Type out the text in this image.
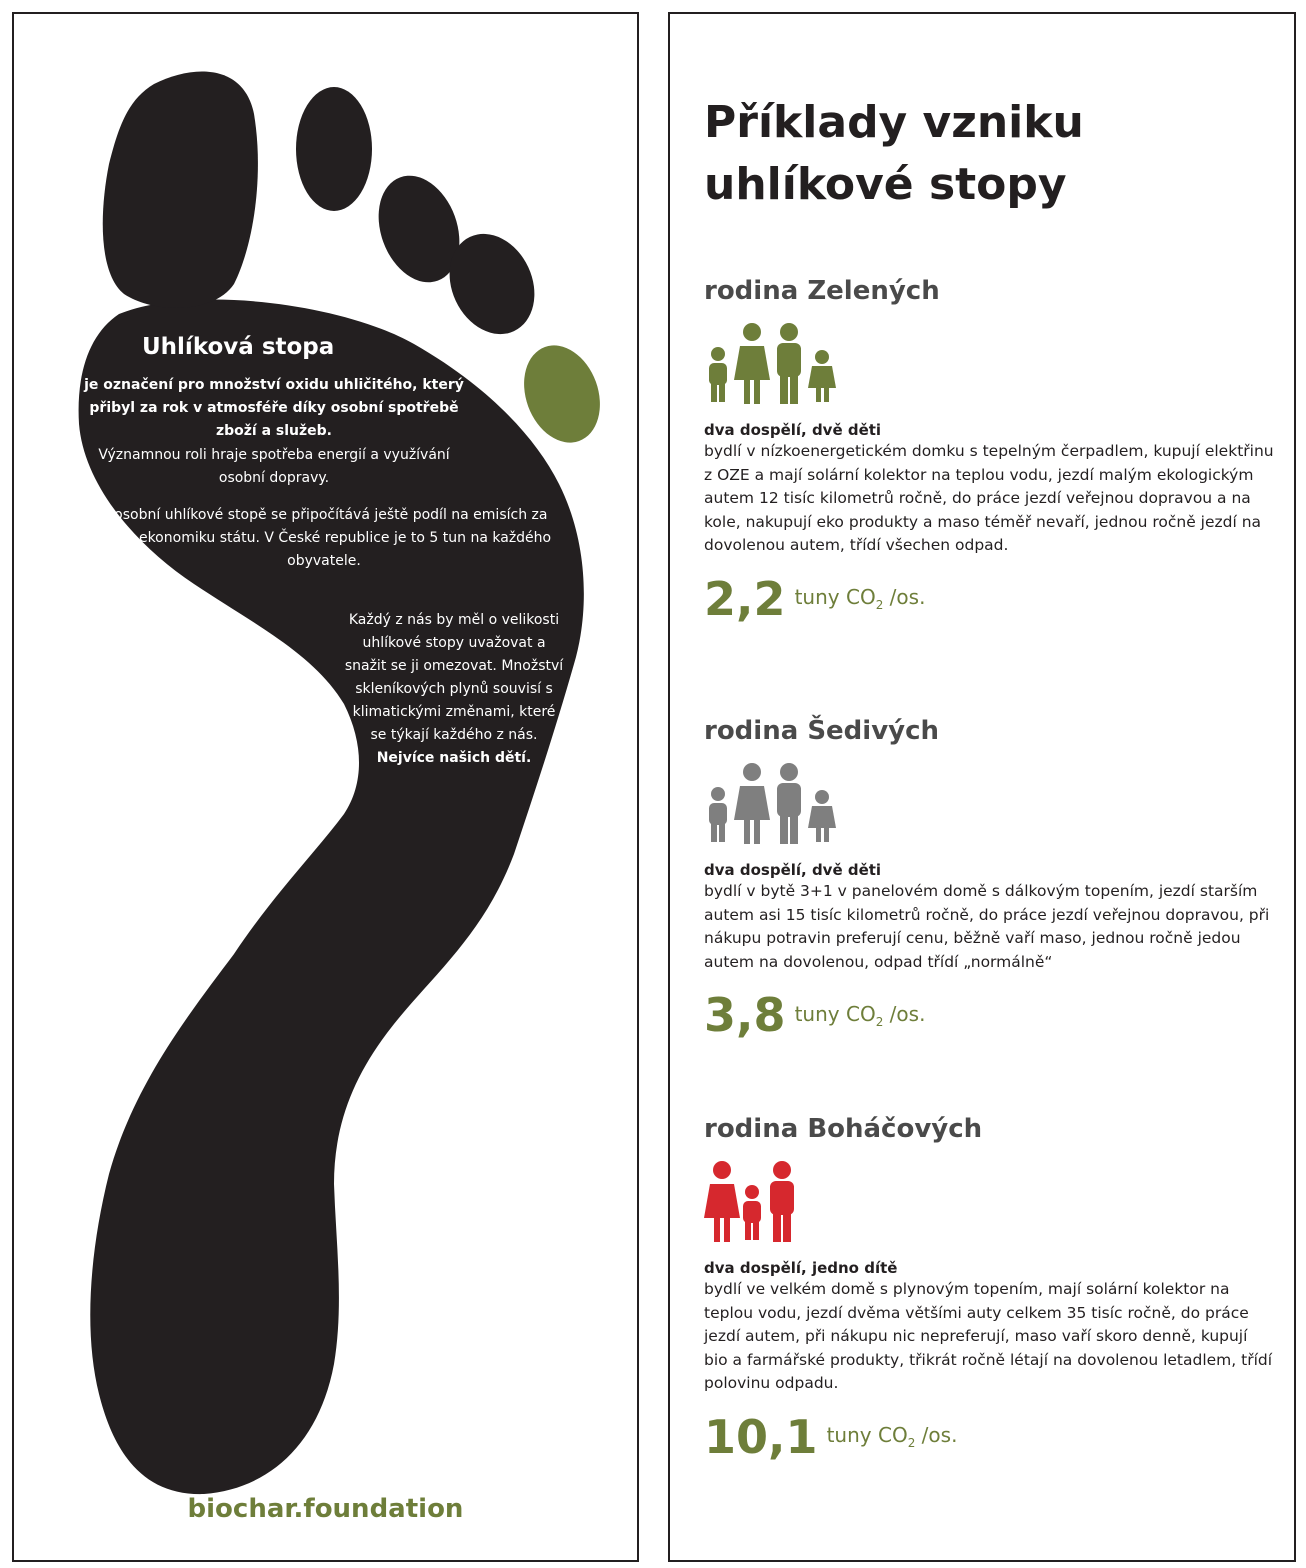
Uhlíková stopa
je označení pro množství oxidu uhličitého, který přibyl za rok v atmosféře díky osobní spotřebě zboží a služeb.
Významnou roli hraje spotřeba energií a využívání osobní dopravy.
K osobní uhlíkové stopě se připočítává ještě podíl na emisích za celou ekonomiku státu. V České republice je to 5 tun na každého obyvatele.
Každý z nás by měl o velikosti uhlíkové stopy uvažovat a snažit se ji omezovat. Množství skleníkových plynů souvisí s klimatickými změnami, které se týkají každého z nás. Nejvíce našich dětí.
biochar.foundation
Příklady vzniku uhlíkové stopy

rodina Zelených

dva dospělí, dvě děti
bydlí v nízkoenergetickém domku s tepelným čerpadlem, kupují elektřinu z OZE a mají solární kolektor na teplou vodu, jezdí malým ekologickým autem 12 tisíc kilometrů ročně, do práce jezdí veřejnou dopravou a na kole, nakupují eko produkty a maso téměř nevaří, jednou ročně jezdí na dovolenou autem, třídí všechen odpad.
2,2 tuny $CO_2$ /os.

rodina Šedivých

dva dospělí, dvě děti
bydlí v bytě 3+1 v panelovém domě s dálkovým topením, jezdí starším autem asi 15 tisíc kilometrů ročně, do práce jezdí veřejnou dopravou, při nákupu potravin preferují cenu, běžně vaří maso, jednou ročně jedou autem na dovolenou, odpad třídí „normálně“
3,8 tuny $CO_2$ /os.

rodina Boháčových

dva dospělí, jedno dítě
bydlí ve velkém domě s plynovým topením, mají solární kolektor na teplou vodu, jezdí dvěma většími auty celkem 35 tisíc ročně, do práce jezdí autem, při nákupu nic nepreferují, maso vaří skoro denně, kupují bio a farmářské produkty, třikrát ročně létají na dovolenou letadlem, třídí polovinu odpadu.
10,1 tuny $CO_2$ /os.
